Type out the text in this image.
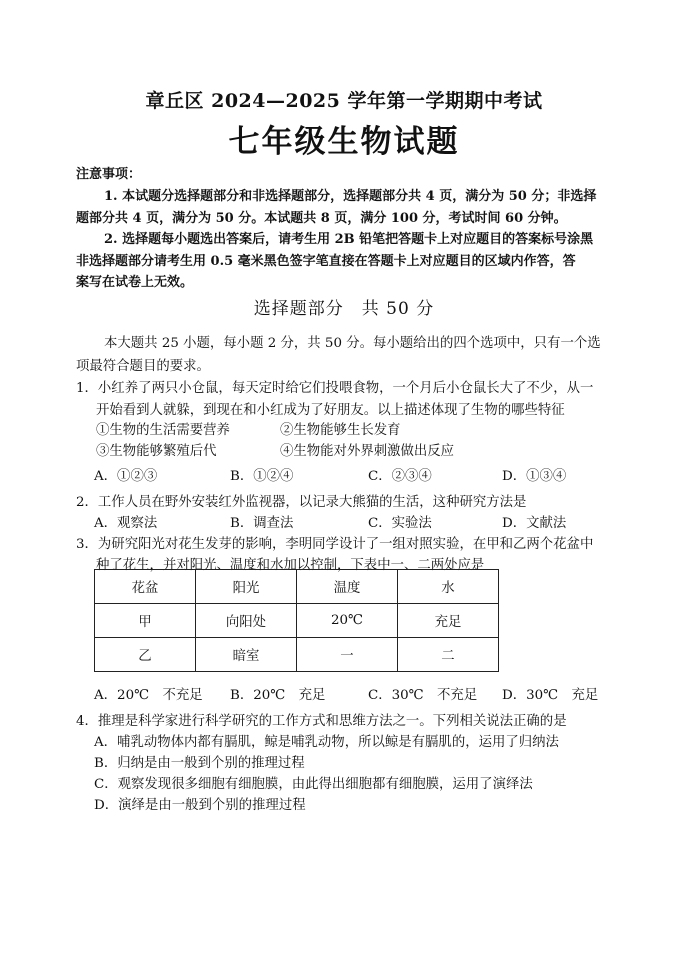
章丘区 2024—2025 学年第一学期期中考试
七年级生物试题
注意事项：
1. 本试题分选择题部分和非选择题部分，选择题部分共 4 页，满分为 50 分；非选择
题部分共 4 页，满分为 50 分。本试题共 8 页，满分 100 分，考试时间 60 分钟。
2. 选择题每小题选出答案后，请考生用 2B 铅笔把答题卡上对应题目的答案标号涂黑
非选择题部分请考生用 0.5 毫米黑色签字笔直接在答题卡上对应题目的区域内作答，答
案写在试卷上无效。
选择题部分　共 50 分
本大题共 25 小题，每小题 2 分，共 50 分。每小题给出的四个选项中，只有一个选
项最符合题目的要求。
1．小红养了两只小仓鼠，每天定时给它们投喂食物，一个月后小仓鼠长大了不少，从一
开始看到人就躲，到现在和小红成为了好朋友。以上描述体现了生物的哪些特征
①生物的生活需要营养	②生物能够生长发育
③生物能够繁殖后代	④生物能对外界刺激做出反应
A．①②③	B．①②④	C．②③④	D．①③④
2．工作人员在野外安装红外监视器，以记录大熊猫的生活，这种研究方法是
A．观察法	B．调查法	C．实验法	D．文献法
3．为研究阳光对花生发芽的影响，李明同学设计了一组对照实验，在甲和乙两个花盆中
种了花生，并对阳光、温度和水加以控制，下表中一、二两处应是
花盆	阳光	温度	水
甲	向阳处	20℃	充足
乙	暗室	一	二
A．20℃　不充足 B．20℃　充足	C．30℃　不充足 D．30℃　充足
4．推理是科学家进行科学研究的工作方式和思维方法之一。下列相关说法正确的是
A．哺乳动物体内都有膈肌，鲸是哺乳动物，所以鲸是有膈肌的，运用了归纳法
B．归纳是由一般到个别的推理过程
C．观察发现很多细胞有细胞膜，由此得出细胞都有细胞膜，运用了演绎法
D．演绎是由一般到个别的推理过程
